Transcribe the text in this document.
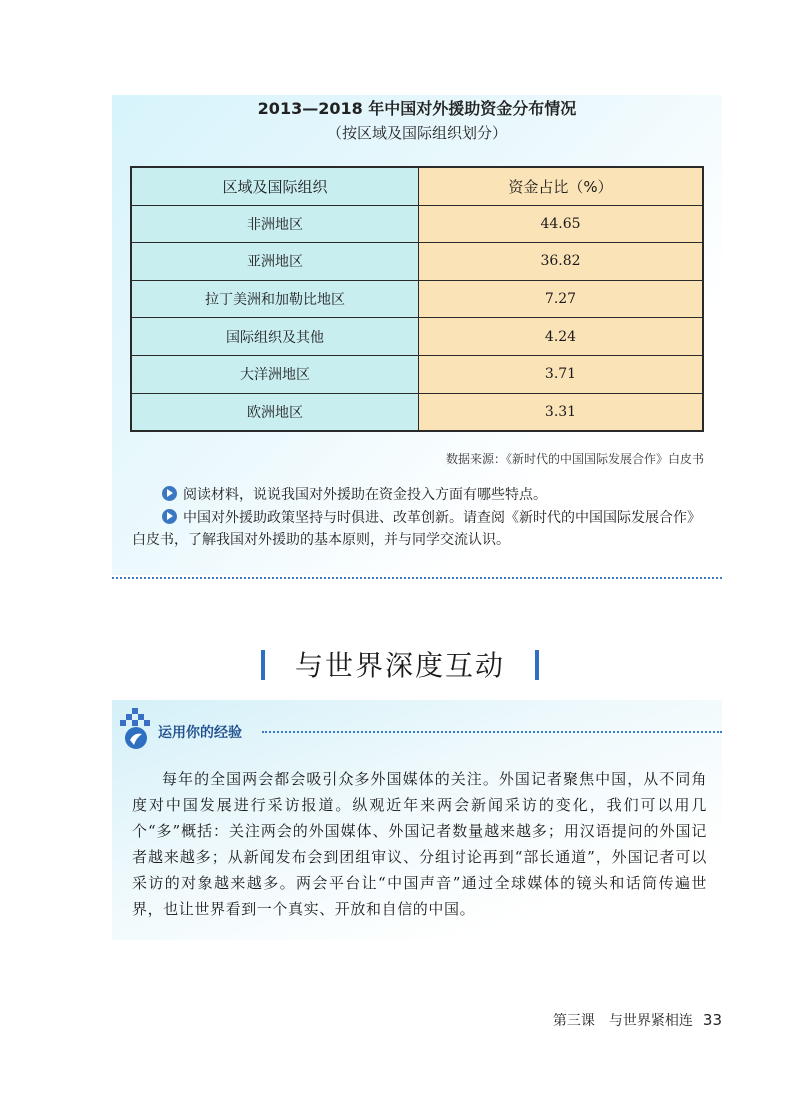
2013—2018 年中国对外援助资金分布情况
（按区域及国际组织划分）
区域及国际组织	资金占比（%）
非洲地区	44.65
亚洲地区	36.82
拉丁美洲和加勒比地区	7.27
国际组织及其他	4.24
大洋洲地区	3.71
欧洲地区	3.31
数据来源：《新时代的中国国际发展合作》白皮书
阅读材料，说说我国对外援助在资金投入方面有哪些特点。
中国对外援助政策坚持与时俱进、改革创新。请查阅《新时代的中国国际发展合作》白皮书，了解我国对外援助的基本原则，并与同学交流认识。
与世界深度互动
运用你的经验
每年的全国两会都会吸引众多外国媒体的关注。外国记者聚焦中国，从不同角度对中国发展进行采访报道。纵观近年来两会新闻采访的变化，我们可以用几个“多”概括：关注两会的外国媒体、外国记者数量越来越多；用汉语提问的外国记者越来越多；从新闻发布会到团组审议、分组讨论再到“部长通道”，外国记者可以采访的对象越来越多。两会平台让“中国声音”通过全球媒体的镜头和话筒传遍世界，也让世界看到一个真实、开放和自信的中国。
第三课　与世界紧相连 33
